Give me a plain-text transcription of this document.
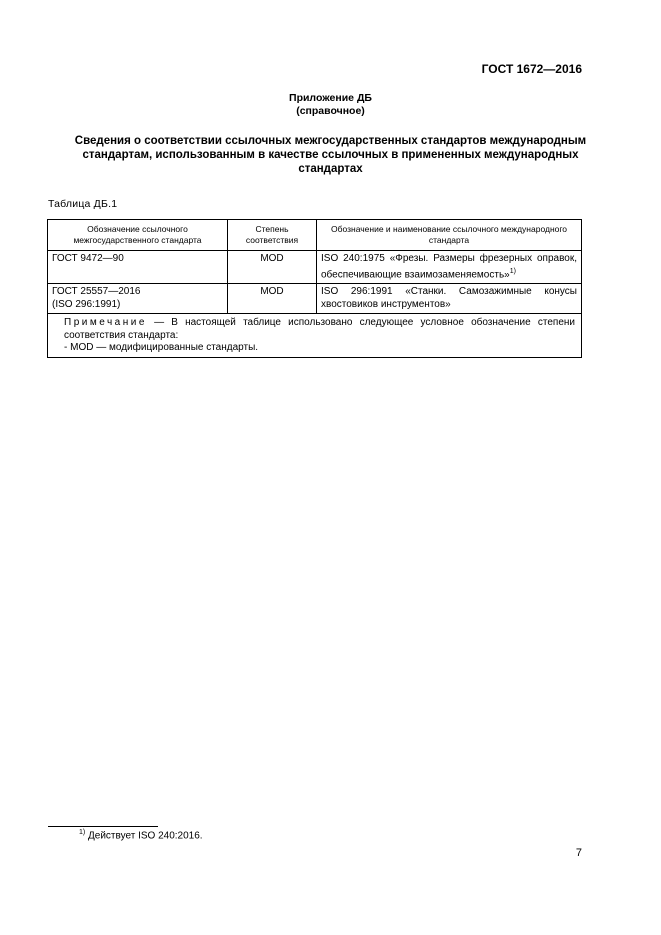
ГОСТ 1672—2016
Приложение ДБ
(справочное)
Сведения о соответствии ссылочных межгосударственных стандартов международным стандартам, использованным в качестве ссылочных в примененных международных стандартах
Таблица ДБ.1
Обозначение ссылочного межгосударственного стандарта	Степень соответствия	Обозначение и наименование ссылочного международного стандарта

ГОСТ 9472—90	MOD	ISO 240:1975 «Фрезы. Размеры фрезерных оправок, обеспечивающие взаимозаменяемость»$^{1)}$

ГОСТ 25557—2016
(ISO 296:1991)	MOD	ISO 296:1991 «Станки. Самозажимные конусы хвостовиков инструментов»

Примечание — В настоящей таблице использовано следующее условное обозначение степени соответствия стандарта:
- MOD — модифицированные стандарты.		
$^{1)}$ Действует ISO 240:2016.
7
